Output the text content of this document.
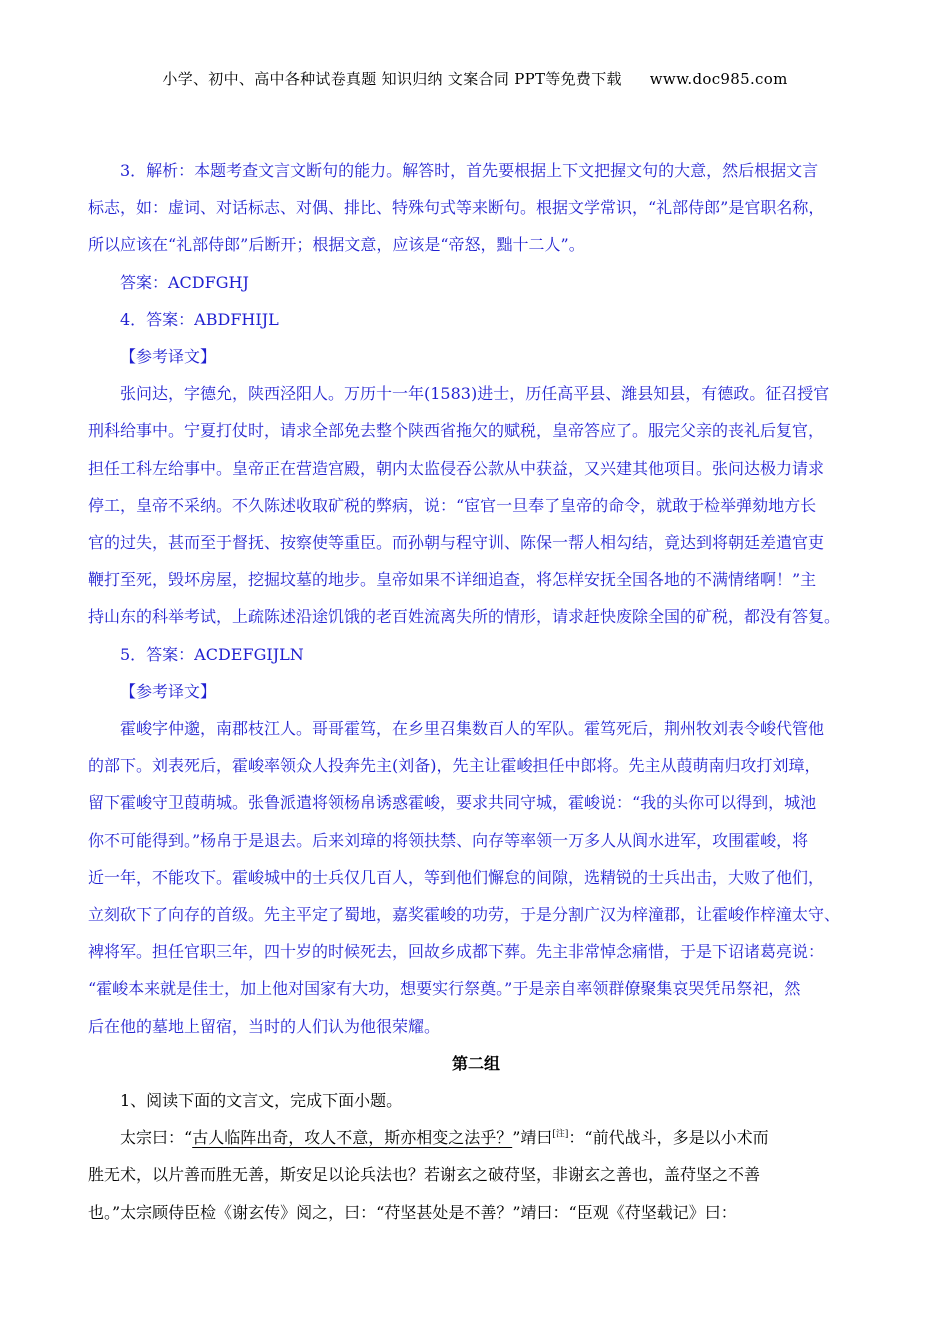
小学、初中、高中各种试卷真题 知识归纳 文案合同 PPT等免费下载 www.doc985.com

3．解析：本题考查文言文断句的能力。解答时，首先要根据上下文把握文句的大意，然后根据文言

标志，如：虚词、对话标志、对偶、排比、特殊句式等来断句。根据文学常识，“礼部侍郎”是官职名称，

所以应该在“礼部侍郎”后断开；根据文意，应该是“帝怒，黜十二人”。

答案：ACDFGHJ

4．答案：ABDFHIJL

【参考译文】

张问达，字德允，陕西泾阳人。万历十一年(1583)进士，历任高平县、潍县知县，有德政。征召授官

刑科给事中。宁夏打仗时，请求全部免去整个陕西省拖欠的赋税，皇帝答应了。服完父亲的丧礼后复官，

担任工科左给事中。皇帝正在营造宫殿，朝内太监侵吞公款从中获益，又兴建其他项目。张问达极力请求

停工，皇帝不采纳。不久陈述收取矿税的弊病，说：“宦官一旦奉了皇帝的命令，就敢于检举弹劾地方长

官的过失，甚而至于督抚、按察使等重臣。而孙朝与程守训、陈保一帮人相勾结，竟达到将朝廷差遣官吏

鞭打至死，毁坏房屋，挖掘坟墓的地步。皇帝如果不详细追查，将怎样安抚全国各地的不满情绪啊！”主

持山东的科举考试，上疏陈述沿途饥饿的老百姓流离失所的情形，请求赶快废除全国的矿税，都没有答复。

5．答案：ACDEFGIJLN

【参考译文】

霍峻字仲邈，南郡枝江人。哥哥霍笃，在乡里召集数百人的军队。霍笃死后，荆州牧刘表令峻代管他

的部下。刘表死后，霍峻率领众人投奔先主(刘备)，先主让霍峻担任中郎将。先主从葭萌南归攻打刘璋，

留下霍峻守卫葭萌城。张鲁派遣将领杨帛诱惑霍峻，要求共同守城，霍峻说：“我的头你可以得到，城池

你不可能得到。”杨帛于是退去。后来刘璋的将领扶禁、向存等率领一万多人从阆水进军，攻围霍峻，将

近一年，不能攻下。霍峻城中的士兵仅几百人，等到他们懈怠的间隙，选精锐的士兵出击，大败了他们，

立刻砍下了向存的首级。先主平定了蜀地，嘉奖霍峻的功劳，于是分割广汉为梓潼郡，让霍峻作梓潼太守、

裨将军。担任官职三年，四十岁的时候死去，回故乡成都下葬。先主非常悼念痛惜，于是下诏诸葛亮说：

“霍峻本来就是佳士，加上他对国家有大功，想要实行祭奠。”于是亲自率领群僚聚集哀哭凭吊祭祀，然

后在他的墓地上留宿，当时的人们认为他很荣耀。

第二组

1、阅读下面的文言文，完成下面小题。

太宗曰：“古人临阵出奇，攻人不意，斯亦相变之法乎？”靖曰[注]：“前代战斗，多是以小术而

胜无术，以片善而胜无善，斯安足以论兵法也？若谢玄之破苻坚，非谢玄之善也，盖苻坚之不善

也。”太宗顾侍臣检《谢玄传》阅之，曰：“苻坚甚处是不善？”靖曰：“臣观《苻坚载记》曰：
